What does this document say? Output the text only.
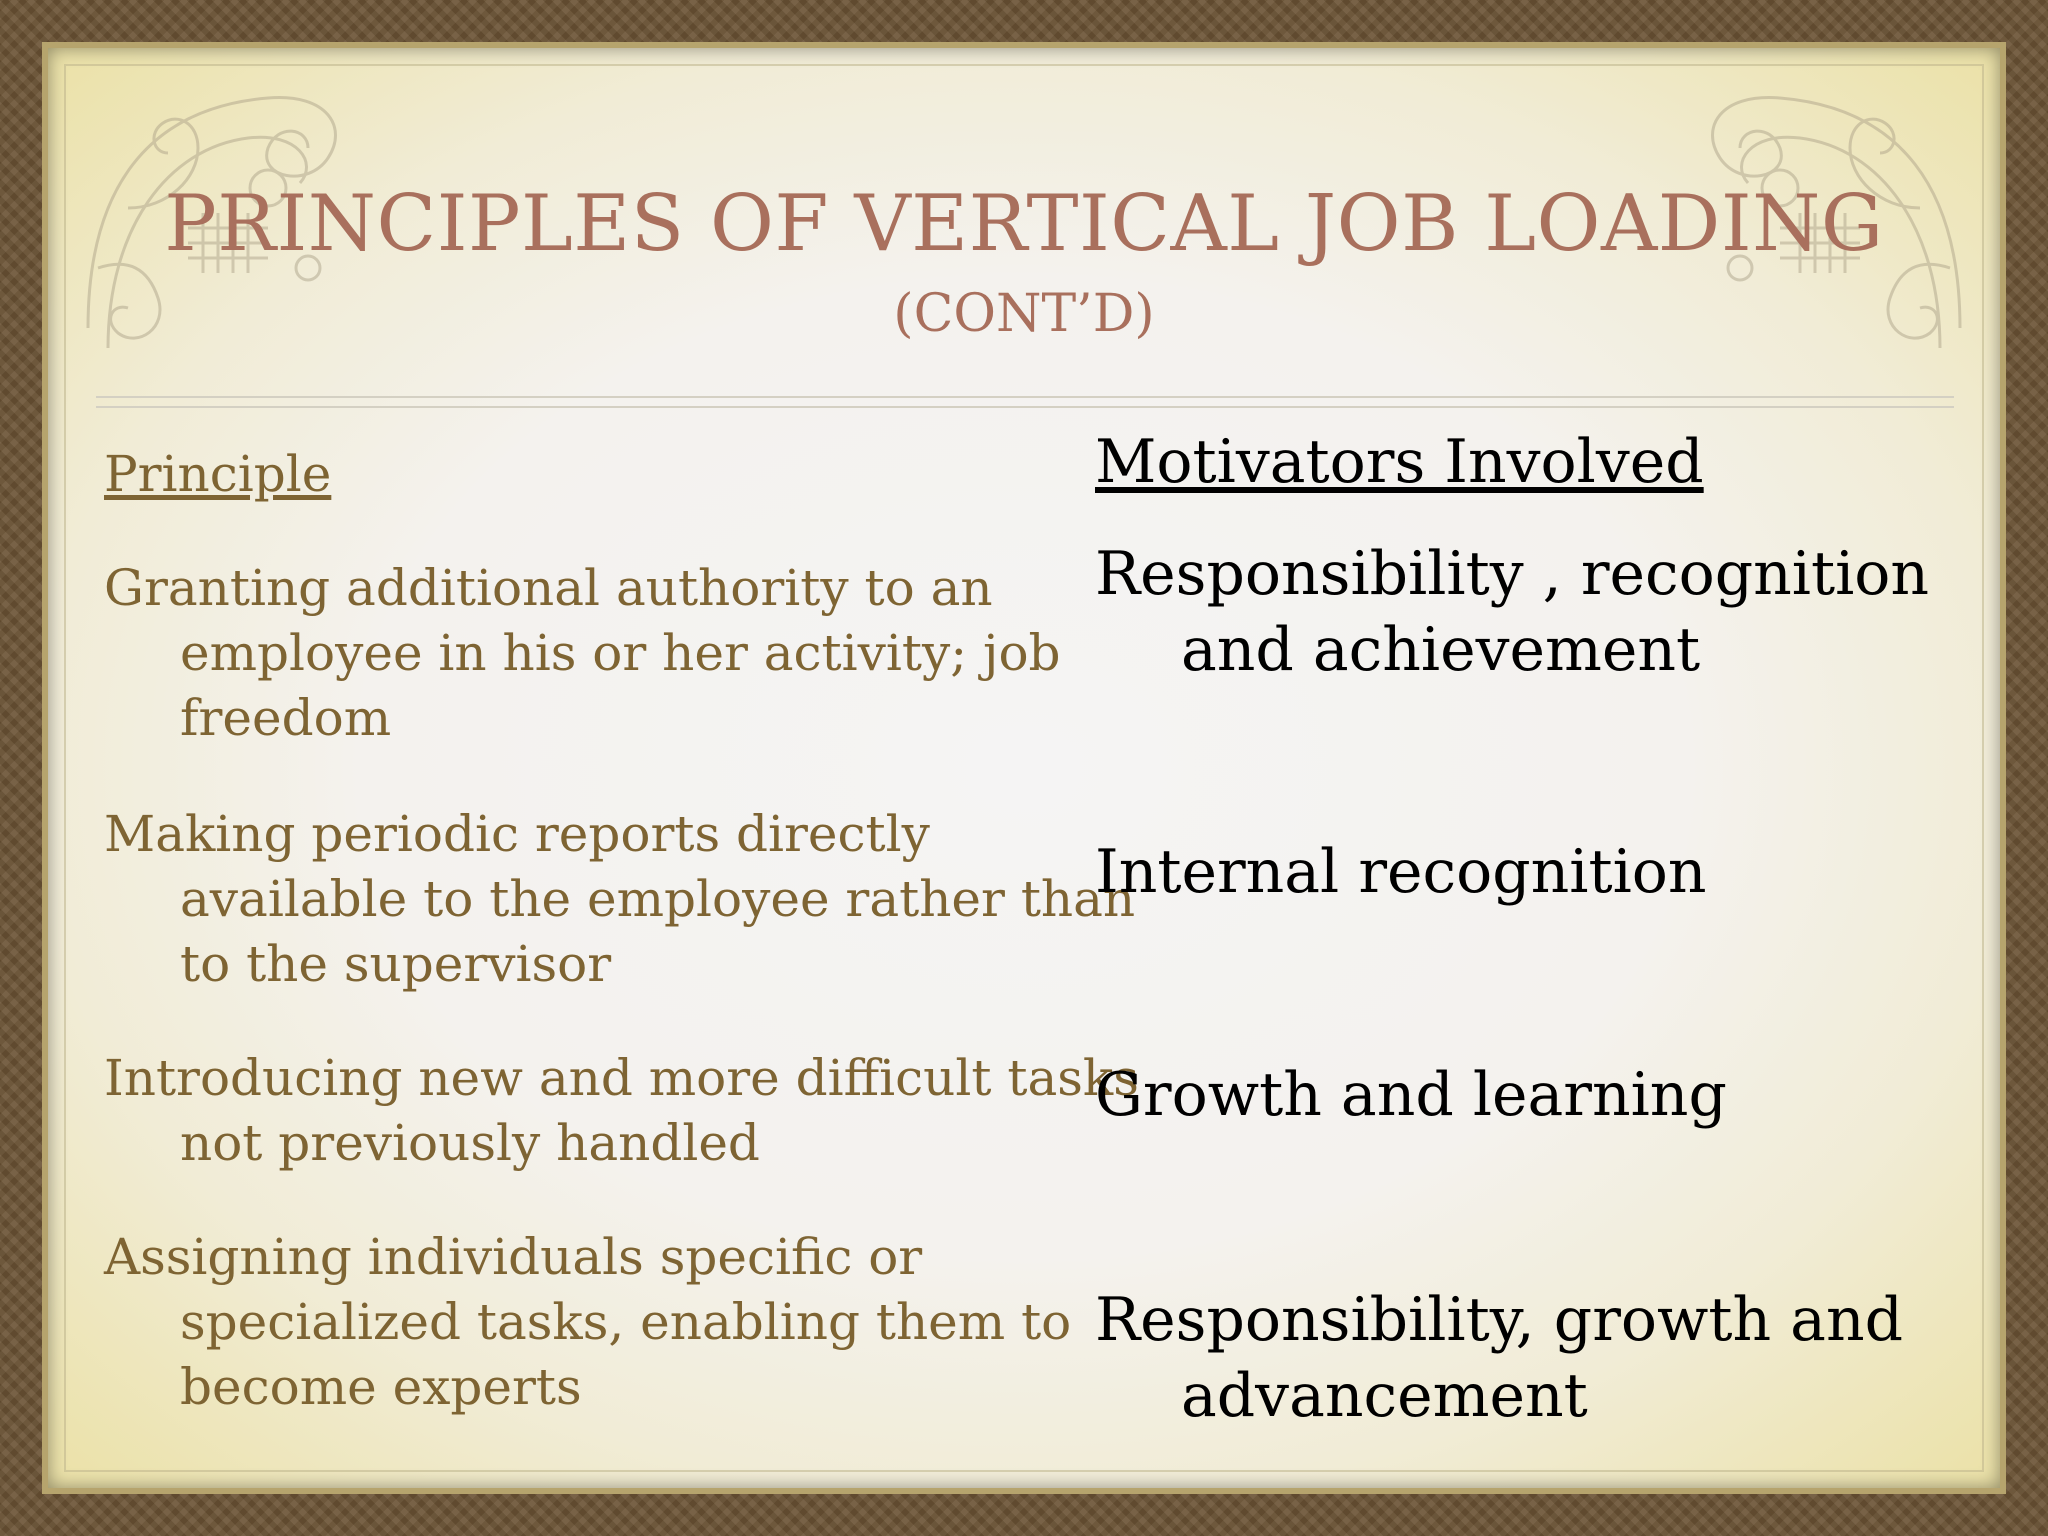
PRINCIPLES OF VERTICAL JOB LOADING
(CONT’D)
Principle	Motivators Involved
Granting additional authority to an employee in his or her activity; job freedom
Responsibility , recognition and achievement
Making periodic reports directly available to the employee rather than to the supervisor
Internal recognition
Introducing new and more difficult tasks not previously handled
Growth and learning
Assigning individuals specific or specialized tasks, enabling them to become experts
Responsibility, growth and advancement
